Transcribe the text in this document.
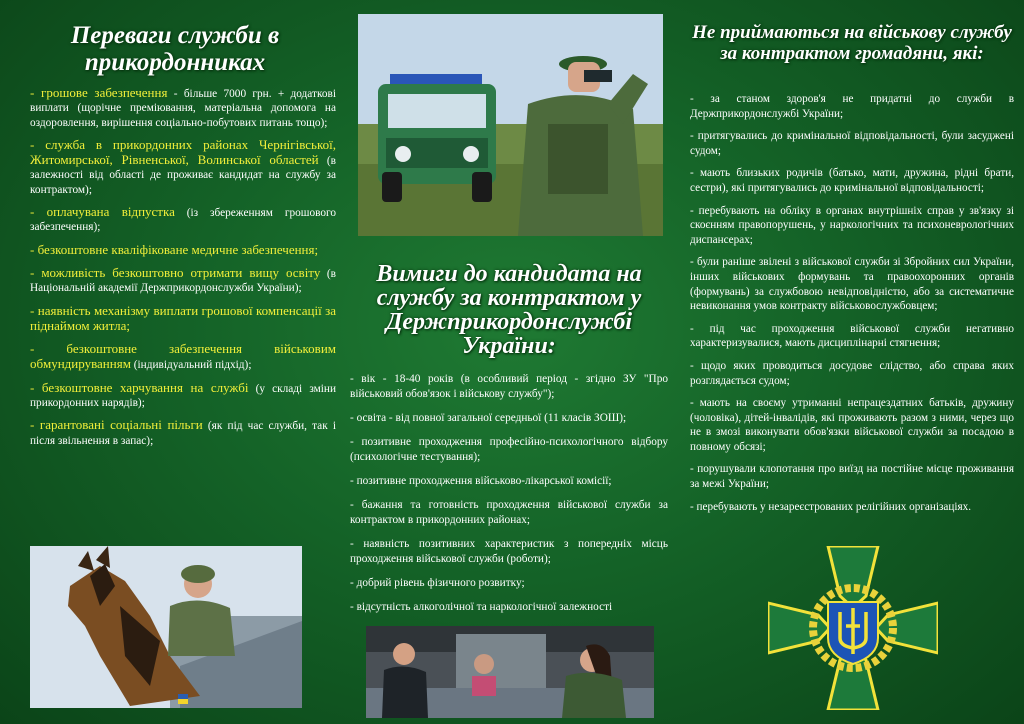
Переваги служби в прикордонниках
- грошове забезпечення - більше 7000 грн. + додаткові виплати (щорічне преміювання, матеріальна допомога на оздоровлення, вирішення соціально-побутових питань тощо);
- служба в прикордонних районах Чернігівської, Житомирської, Рівненської, Волинської областей (в залежності від області де проживає кандидат на службу за контрактом);
- оплачувана відпустка (із збереженням грошового забезпечення);
- безкоштовне кваліфіковане медичне забезпечення;
- можливість безкоштовно отримати вищу освіту (в Національній академії Держприкордонслужби України);
- наявність механізму виплати грошової компенсації за піднаймом житла;
- безкоштовне забезпечення військовим обмундируванням (індивідуальний підхід);
- безкоштовне харчування на службі (у складі зміни прикордонних нарядів);
- гарантовані соціальні пільги (як під час служби, так і після звільнення в запас);
Вимиги до кандидата на службу за контрактом у Держприкордонслужбі України:
- вік - 18-40 років (в особливий період - згідно ЗУ "Про військовий обов'язок і військову службу");
- освіта - від повної загальної середньої (11 класів ЗОШ);
- позитивне проходження професійно-психологічного відбору (психологічне тестування);
- позитивне проходження військово-лікарської комісії;
- бажання та готовність проходження військової служби за контрактом в прикордонних районах;
- наявність позитивних характеристик з попередніх місць проходження військової служби (роботи);
- добрий рівень фізичного розвитку;
- відсутність алкоголічної та наркологічної залежності
Не приймаються на військову службу за контрактом громадяни, які:
- за станом здоров'я не придатні до служби в Держприкордонслужбі України;
- притягувались до кримінальної відповідальності, були засуджені судом;
- мають близьких родичів (батько, мати, дружина, рідні брати, сестри), які притягувались до кримінальної відповідальності;
- перебувають на обліку в органах внутрішніх справ у зв'язку зі скоєнням правопорушень, у наркологічних та психоневрологічних диспансерах;
- були раніше звілені з військової служби зі Збройних сил України, інших військових формувань та правоохоронних органів (формувань) за службовою невідповідністю, або за систематичне невиконання умов контракту військовослужбовцем;
- під час проходження військової служби негативно характеризувалися, мають дисциплінарні стягнення;
- щодо яких проводиться досудове слідство, або справа яких розглядається судом;
- мають на своєму утриманні непрацездатних батьків, дружину (чоловіка), дітей-інвалідів, які проживають разом з ними, через що не в змозі виконувати обов'язки військової служби за посадою в повному обсязі;
- порушували клопотання про виїзд на постійне місце проживання за межі України;
- перебувають у незареєстрованих релігійних організаціях.
